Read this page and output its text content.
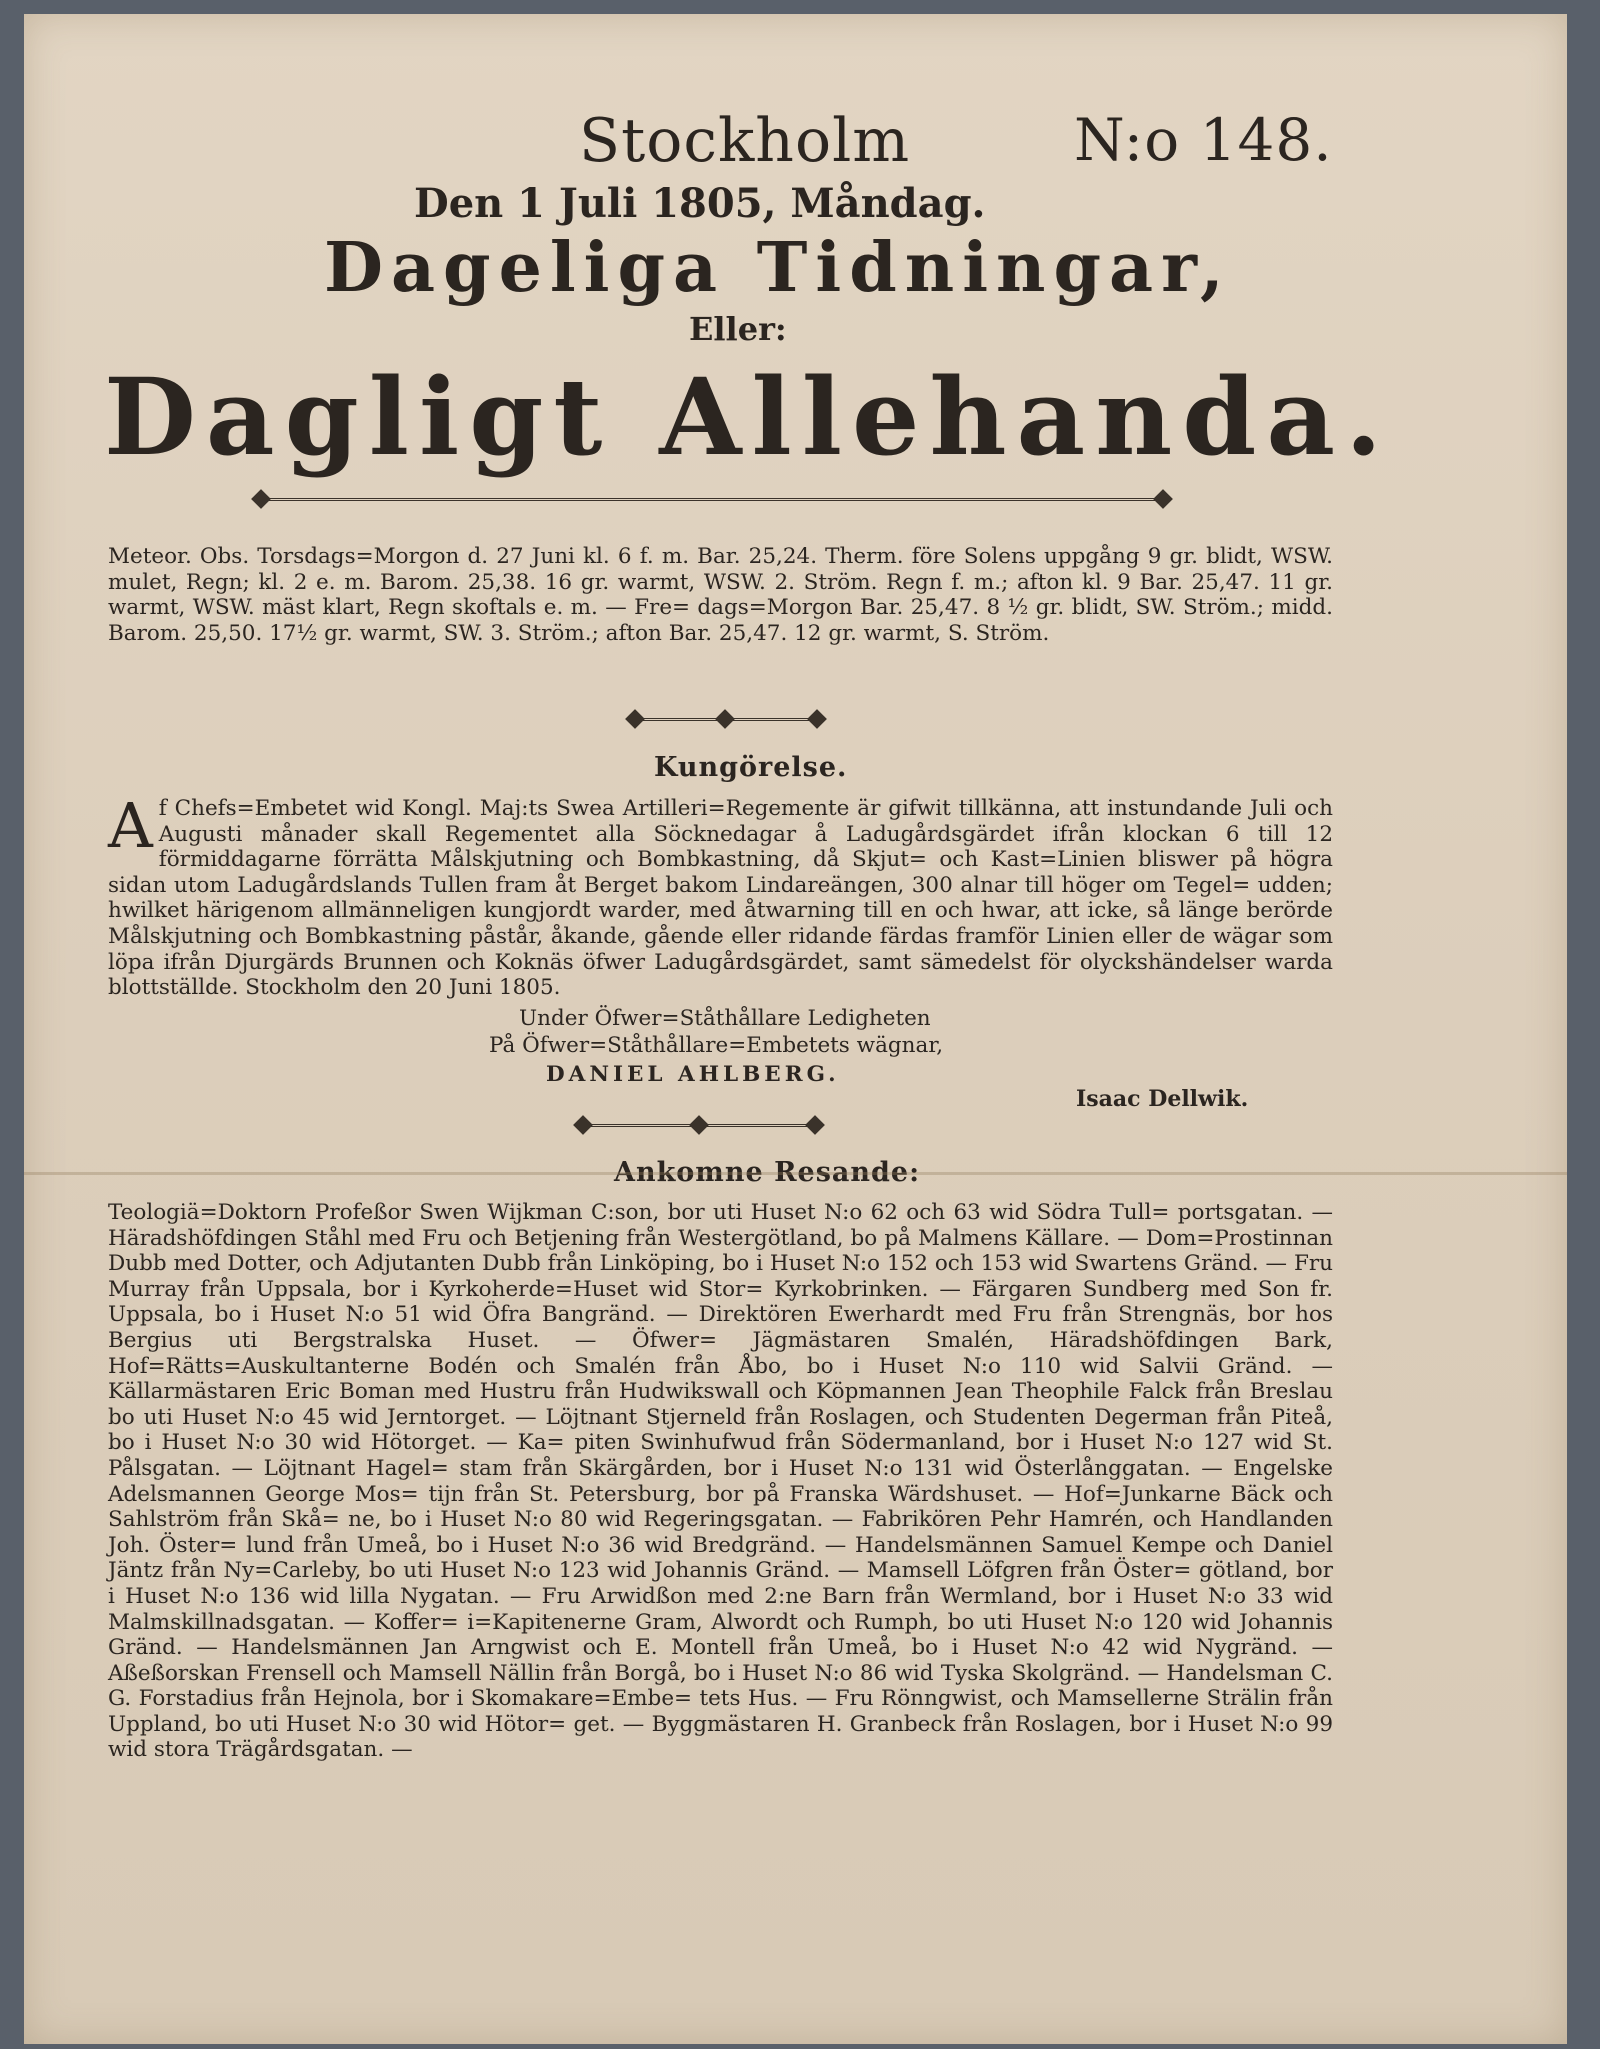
Stockholm	N:o 148.
Den 1 Juli 1805, Måndag.
Dageliga Tidningar,
Eller:
Dagligt Allehanda.

Meteor. Obs. Torsdags=Morgon d. 27 Juni kl. 6 f. m. Bar. 25,24. Therm. före Solens uppgång 9 gr. blidt, WSW. mulet, Regn; kl. 2 e. m. Barom. 25,38. 16 gr. warmt, WSW. 2. Ström. Regn f. m.; afton kl. 9 Bar. 25,47. 11 gr. warmt, WSW. mäst klart, Regn skoftals e. m. — Fre= dags=Morgon Bar. 25,47. 8 ½ gr. blidt, SW. Ström.; midd. Barom. 25,50. 17½ gr. warmt, SW. 3. Ström.; afton Bar. 25,47. 12 gr. warmt, S. Ström.

Kungörelse.

Af Chefs=Embetet wid Kongl. Maj:ts Swea Artilleri=Regemente är gifwit tillkänna, att instundande Juli och Augusti månader skall Regementet alla Söcknedagar å Ladugårdsgärdet ifrån klockan 6 till 12 förmiddagarne förrätta Målskjutning och Bombkastning, då Skjut= och Kast=Linien bliswer på högra sidan utom Ladugårdslands Tullen fram åt Berget bakom Lindareängen, 300 alnar till höger om Tegel= udden; hwilket härigenom allmänneligen kungjordt warder, med åtwarning till en och hwar, att icke, så länge berörde Målskjutning och Bombkastning påstår, åkande, gående eller ridande färdas framför Linien eller de wägar som löpa ifrån Djurgärds Brunnen och Koknäs öfwer Ladugårdsgärdet, samt sämedelst för olyckshändelser warda blottställde. Stockholm den 20 Juni 1805.

Under Öfwer=Ståthållare Ledigheten
På Öfwer=Ståthållare=Embetets wägnar,
DANIEL AHLBERG.
Isaac Dellwik.
Ankomne Resande:

Teologiä=Doktorn Profeßor Swen Wijkman C:son, bor uti Huset N:o 62 och 63 wid Södra Tull= portsgatan. — Häradshöfdingen Ståhl med Fru och Betjening från Westergötland, bo på Malmens Källare. — Dom=Prostinnan Dubb med Dotter, och Adjutanten Dubb från Linköping, bo i Huset N:o 152 och 153 wid Swartens Gränd. — Fru Murray från Uppsala, bor i Kyrkoherde=Huset wid Stor= Kyrkobrinken. — Färgaren Sundberg med Son fr. Uppsala, bo i Huset N:o 51 wid Öfra Bangränd. — Direktören Ewerhardt med Fru från Strengnäs, bor hos Bergius uti Bergstralska Huset. — Öfwer= Jägmästaren Smalén, Häradshöfdingen Bark, Hof=Rätts=Auskultanterne Bodén och Smalén från Åbo, bo i Huset N:o 110 wid Salvii Gränd. — Källarmästaren Eric Boman med Hustru från Hudwikswall och Köpmannen Jean Theophile Falck från Breslau bo uti Huset N:o 45 wid Jerntorget. — Löjtnant Stjerneld från Roslagen, och Studenten Degerman från Piteå, bo i Huset N:o 30 wid Hötorget. — Ka= piten Swinhufwud från Södermanland, bor i Huset N:o 127 wid St. Pålsgatan. — Löjtnant Hagel= stam från Skärgården, bor i Huset N:o 131 wid Österlånggatan. — Engelske Adelsmannen George Mos= tijn från St. Petersburg, bor på Franska Wärdshuset. — Hof=Junkarne Bäck och Sahlström från Skå= ne, bo i Huset N:o 80 wid Regeringsgatan. — Fabrikören Pehr Hamrén, och Handlanden Joh. Öster= lund från Umeå, bo i Huset N:o 36 wid Bredgränd. — Handelsmännen Samuel Kempe och Daniel Jäntz från Ny=Carleby, bo uti Huset N:o 123 wid Johannis Gränd. — Mamsell Löfgren från Öster= götland, bor i Huset N:o 136 wid lilla Nygatan. — Fru Arwidßon med 2:ne Barn från Wermland, bor i Huset N:o 33 wid Malmskillnadsgatan. — Koffer= i=Kapitenerne Gram, Alwordt och Rumph, bo uti Huset N:o 120 wid Johannis Gränd. — Handelsmännen Jan Arngwist och E. Montell från Umeå, bo i Huset N:o 42 wid Nygränd. — Aßeßorskan Frensell och Mamsell Nällin från Borgå, bo i Huset N:o 86 wid Tyska Skolgränd. — Handelsman C. G. Forstadius från Hejnola, bor i Skomakare=Embe= tets Hus. — Fru Rönngwist, och Mamsellerne Strälin från Uppland, bo uti Huset N:o 30 wid Hötor= get. — Byggmästaren H. Granbeck från Roslagen, bor i Huset N:o 99 wid stora Trägårdsgatan. —
